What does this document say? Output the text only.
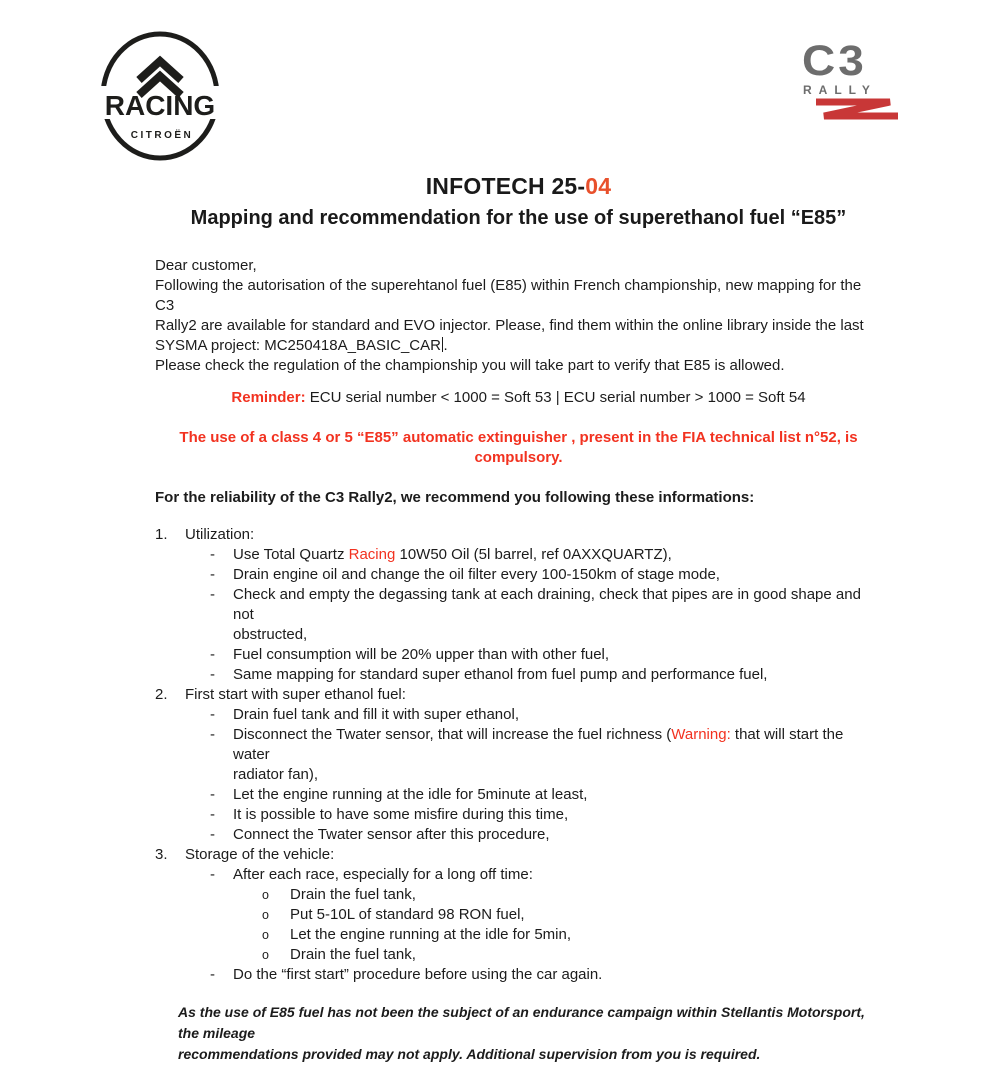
RACING
CITROËN
C3
RALLY
INFOTECH 25-04
Mapping and recommendation for the use of superethanol fuel “E85”
Dear customer,
Following the autorisation of the superehtanol fuel (E85) within French championship, new mapping for the C3
Rally2 are available for standard and EVO injector. Please, find them within the online library inside the last
SYSMA project: MC250418A_BASIC_CAR .
Please check the regulation of the championship you will take part to verify that E85 is allowed.
Reminder: ECU serial number < 1000 = Soft 53 | ECU serial number > 1000 = Soft 54
The use of a class 4 or 5 “E85” automatic extinguisher , present in the FIA technical list n°52, is compulsory.
For the reliability of the C3 Rally2, we recommend you following these informations:
1.	Utilization:
-	Use Total Quartz Racing 10W50 Oil (5l barrel, ref 0AXXQUARTZ),
-	Drain engine oil and change the oil filter every 100-150km of stage mode,
-	Check and empty the degassing tank at each draining, check that pipes are in good shape and not
obstructed,
-	Fuel consumption will be 20% upper than with other fuel,
-	Same mapping for standard super ethanol from fuel pump and performance fuel,
2.	First start with super ethanol fuel:
-	Drain fuel tank and fill it with super ethanol,
-	Disconnect the Twater sensor, that will increase the fuel richness (Warning: that will start the water
radiator fan),
-	Let the engine running at the idle for 5minute at least,
-	It is possible to have some misfire during this time,
-	Connect the Twater sensor after this procedure,
3.	Storage of the vehicle:
-	After each race, especially for a long off time:
o	Drain the fuel tank,
o	Put 5-10L of standard 98 RON fuel,
o	Let the engine running at the idle for 5min,
o	Drain the fuel tank,
-	Do the “first start” procedure before using the car again.
As the use of E85 fuel has not been the subject of an endurance campaign within Stellantis Motorsport, the mileage
recommendations provided may not apply. Additional supervision from you is required.
